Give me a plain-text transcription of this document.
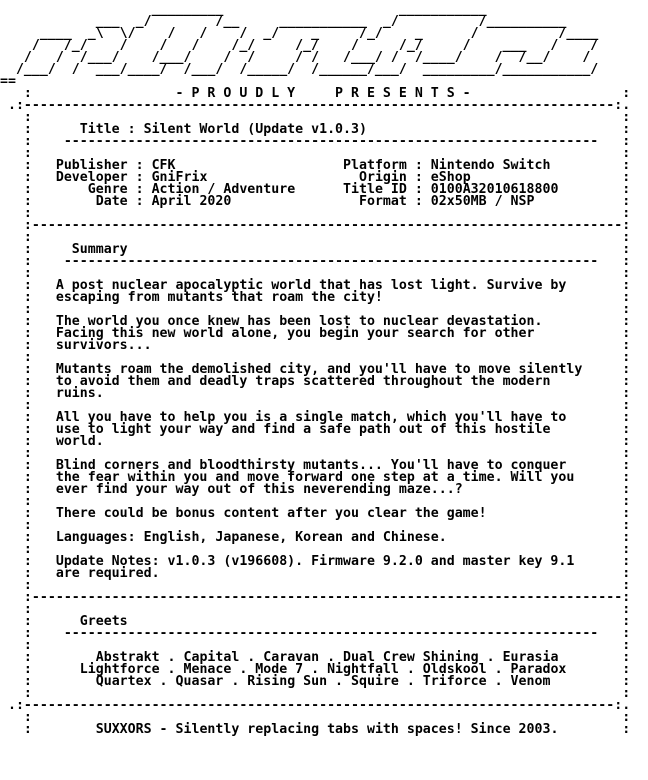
_________                      ___________
___  _/        /__     ___________  _/          /__________
____  _\  \/    /   /    /  _/    _     /_/    _      /          /____
/   /_/    /    /   /    /_/     /_/    /     /_/     /    ___   /    /
/   /  /___/    /___/    /  /     / /   /___/ /  /____/    /  /__/    /
/___/  /  ___/____/  /___/  /_____/  /______/___/  _________/___________/
==
:                  - P R O U D L Y     P R E S E N T S -	:
.:--------------------------------------------------------------------------:.
:                                                                          :
:      Title : Silent World (Update v1.0.3)	:
:    -------------------------------------------------------------------   :
:                                                                          :
:   Publisher : CFK                     Platform : Nintendo Switch         :
:   Developer : GniFrix                   Origin : eShop                   :
:       Genre : Action / Adventure      Title ID : 0100A32010618800        :
:        Date : April 2020                Format : 02x50MB / NSP           :
:                                                                          :
:--------------------------------------------------------------------------:
:                                                                          :
:     Summary	:
:    -------------------------------------------------------------------   :
:                                                                          :
:   A post nuclear apocalyptic world that has lost light. Survive by	:
:   escaping from mutants that roam the city!	:
:                                                                          :
:   The world you once knew has been lost to nuclear devastation.	:
:   Facing this new world alone, you begin your search for other	:
:   survivors...	:
:                                                                          :
:   Mutants roam the demolished city, and you'll have to move silently	:
:   to avoid them and deadly traps scattered throughout the modern	:
:   ruins.	:
:                                                                          :
:   All you have to help you is a single match, which you'll have to	:
:   use to light your way and find a safe path out of this hostile	:
:   world.	:
:                                                                          :
:   Blind corners and bloodthirsty mutants... You'll have to conquer	:
:   the fear within you and move forward one step at a time. Will you	:
:   ever find your way out of this neverending maze...?	:
:                                                                          :
:   There could be bonus content after you clear the game!	:
:                                                                          :
:   Languages: English, Japanese, Korean and Chinese.	:
:                                                                          :
:   Update Notes: v1.0.3 (v196608). Firmware 9.2.0 and master key 9.1	:
:   are required.	:
:                                                                          :
:--------------------------------------------------------------------------:
:                                                                          :
:      Greets	:
:    -------------------------------------------------------------------   :
:                                                                          :
:        Abstrakt . Capital . Caravan . Dual Crew Shining . Eurasia	:
:      Lightforce . Menace . Mode 7 . Nightfall . Oldskool . Paradox	:
:        Quartex . Quasar . Rising Sun . Squire . Triforce . Venom	:
:                                                                          :
.:--------------------------------------------------------------------------:.
:                                                                          :
:        SUXXORS - Silently replacing tabs with spaces! Since 2003.	:
